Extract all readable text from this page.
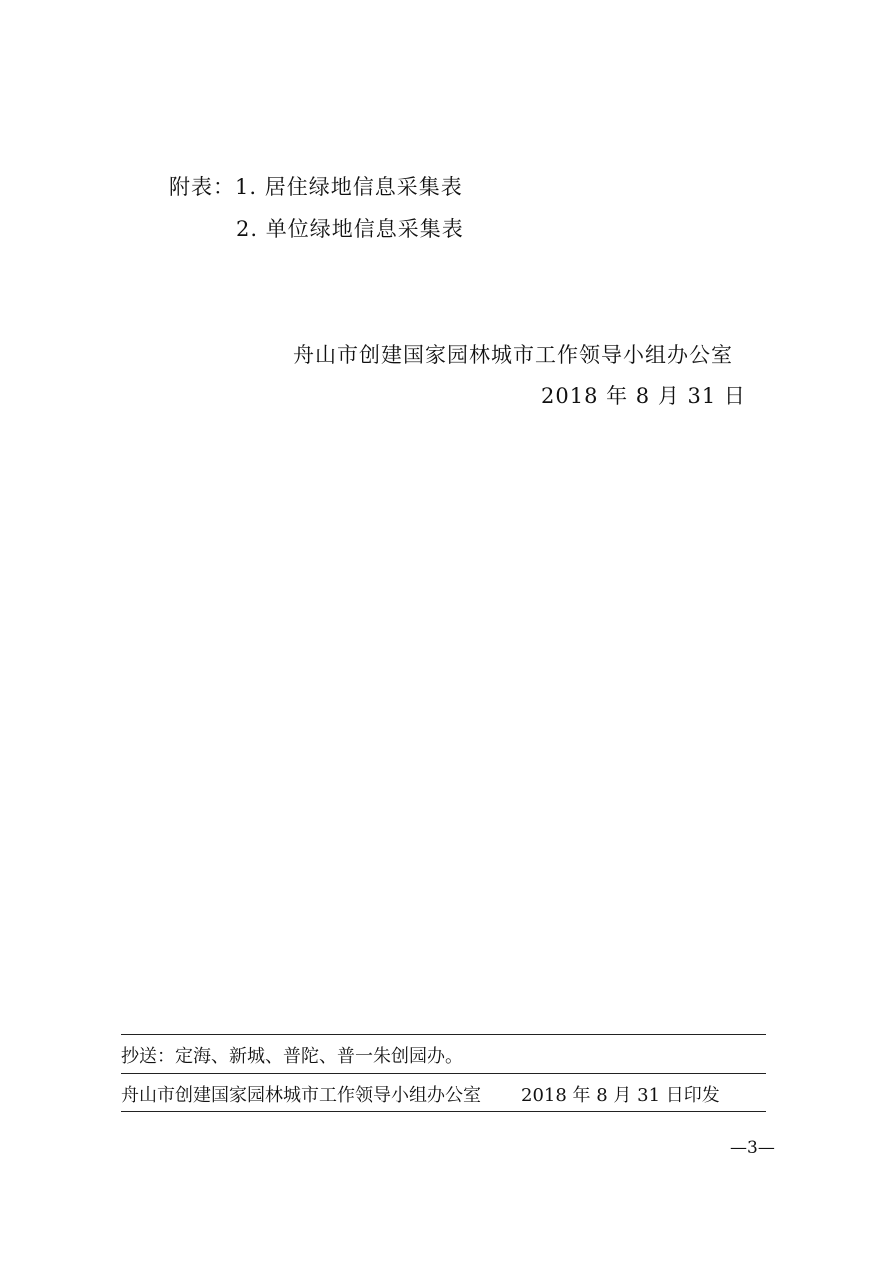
附表：1. 居住绿地信息采集表
2. 单位绿地信息采集表
舟山市创建国家园林城市工作领导小组办公室
2018 年 8 月 31 日
抄送：定海、新城、普陀、普一朱创园办。
舟山市创建国家园林城市工作领导小组办公室 2018 年 8 月 31 日印发
—3—
